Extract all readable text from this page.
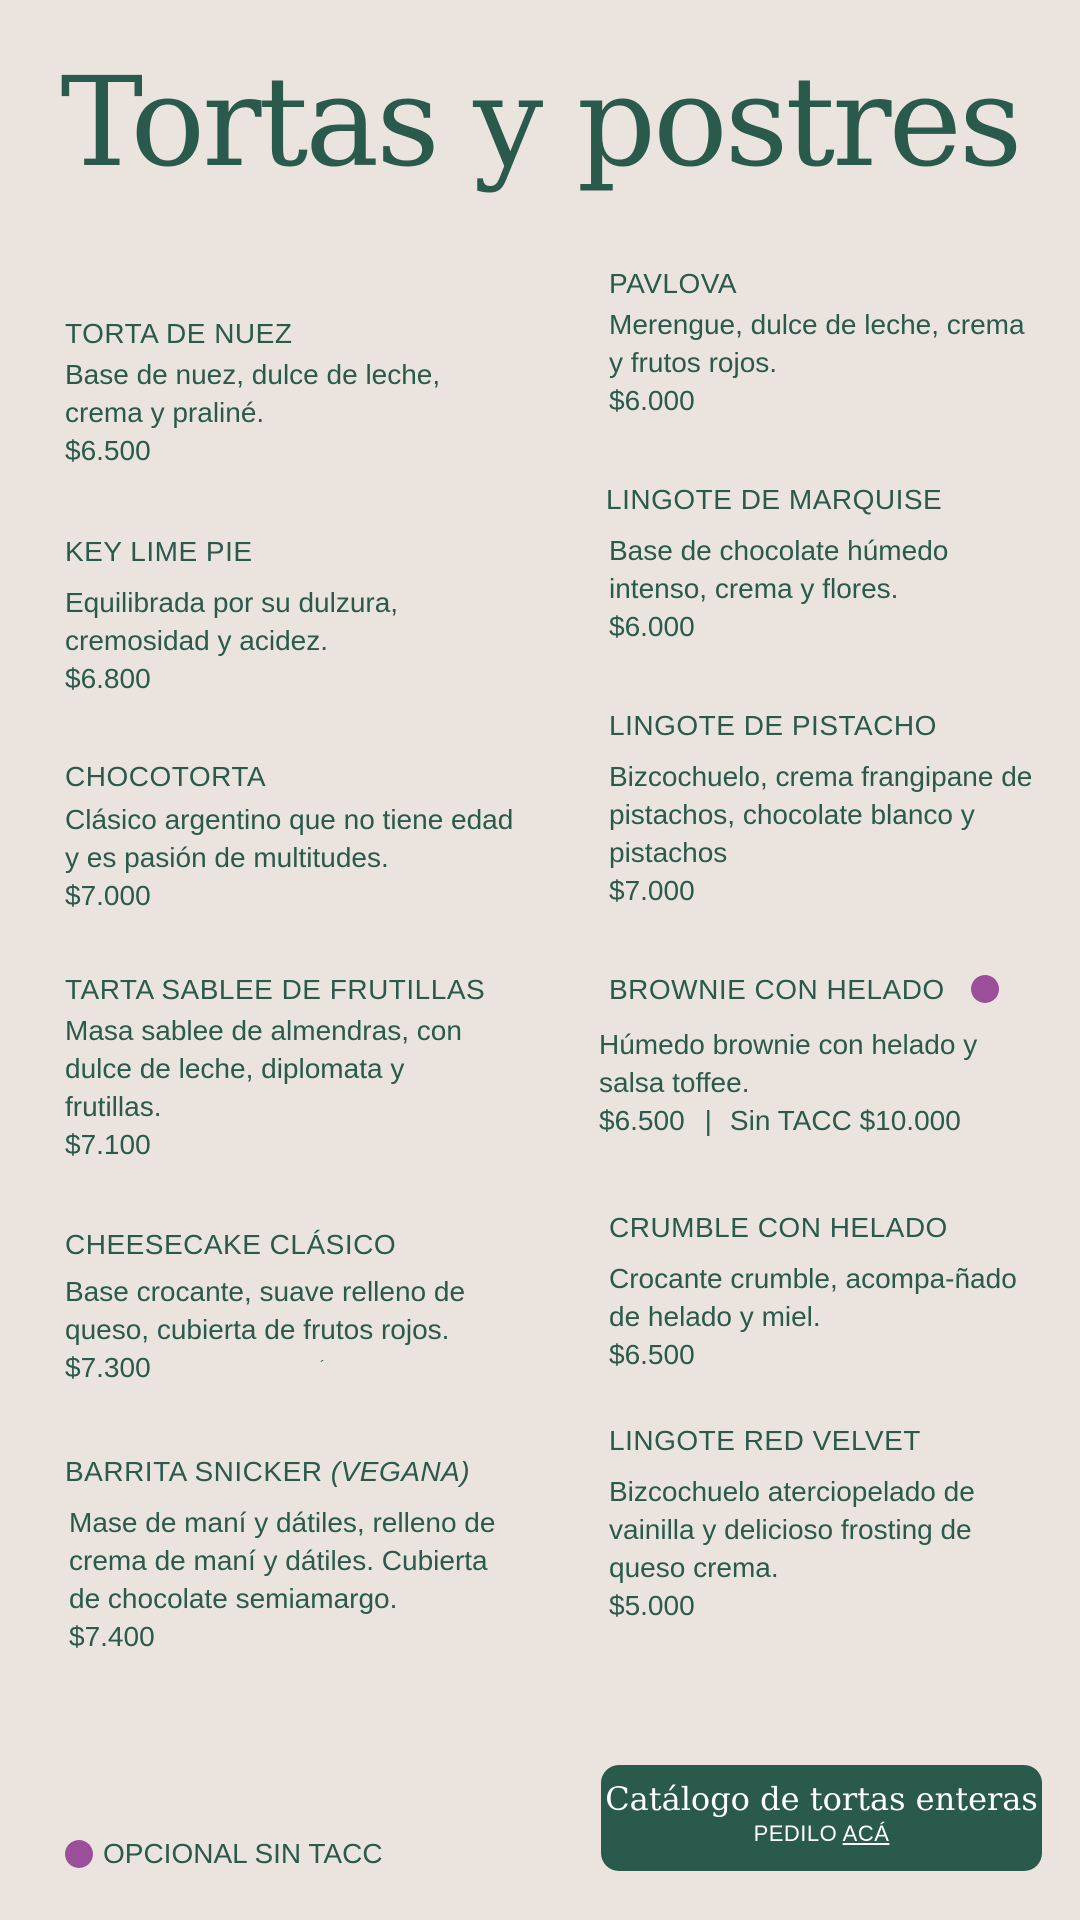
Tortas y postres

TORTA DE NUEZ

Base de nuez, dulce de leche, crema y praliné.

$6.500

KEY LIME PIE

Equilibrada por su dulzura, cremosidad y acidez.

$6.800

CHOCOTORTA

Clásico argentino que no tiene edad y es pasión de multitudes.

$7.000

TARTA SABLEE DE FRUTILLAS

Masa sablee de almendras, con dulce de leche, diplomata y frutillas.

$7.100

CHEESECAKE CLÁSICO

Base crocante, suave relleno de queso, cubierta de frutos rojos.

$7.300	´

BARRITA SNICKER (VEGANA)

Mase de maní y dátiles, relleno de crema de maní y dátiles. Cubierta de chocolate semiamargo.

$7.400

PAVLOVA

Merengue, dulce de leche, crema y frutos rojos.

$6.000

LINGOTE DE MARQUISE

Base de chocolate húmedo intenso, crema y flores.

$6.000

LINGOTE DE PISTACHO

Bizcochuelo, crema frangipane de pistachos, chocolate blanco y pistachos

$7.000

BROWNIE CON HELADO

Húmedo brownie con helado y salsa toffee.

$6.500 | Sin TACC $10.000

CRUMBLE CON HELADO

Crocante crumble, acompa-ñado de helado y miel.

$6.500

LINGOTE RED VELVET

Bizcochuelo aterciopelado de vainilla y delicioso frosting de queso crema.

$5.000

OPCIONAL SIN TACC
Catálogo de tortas enteras
PEDILO ACÁ
